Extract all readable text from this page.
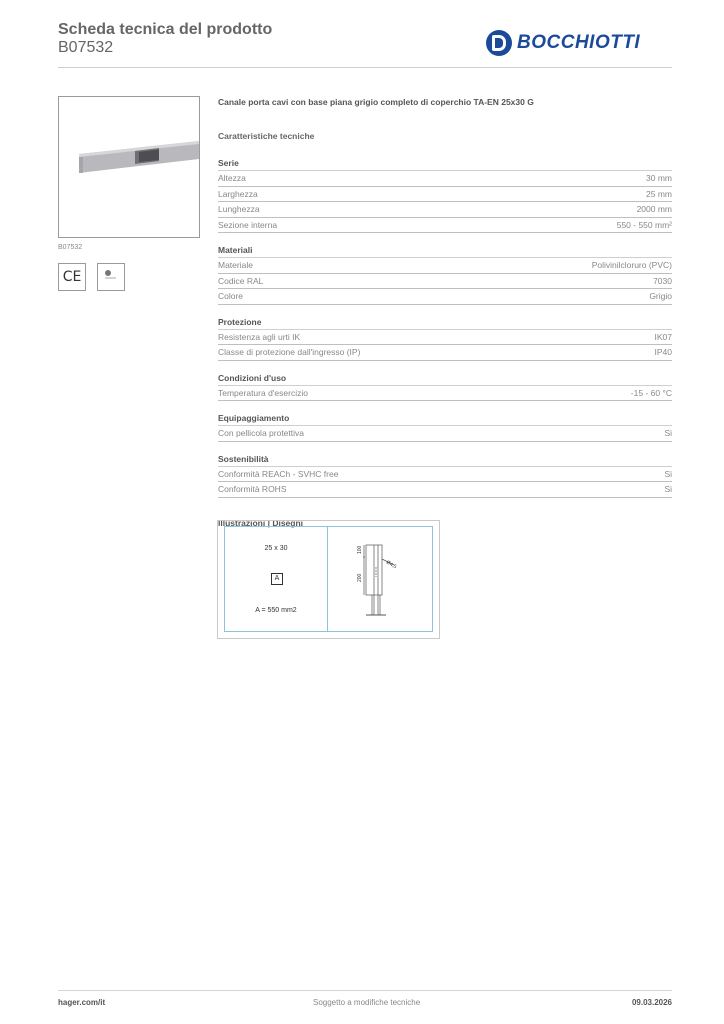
Scheda tecnica del prodotto
B07532	BOCCHIOTTI
B07532
CE
Canale porta cavi con base piana grigio completo di coperchio TA-EN 25x30 G
Caratteristiche tecniche
Serie
Altezza	30 mm
Larghezza	25 mm
Lunghezza	2000 mm
Sezione interna	550 - 550 mm²
Materiali
Materiale	Polivinilcloruro (PVC)
Codice RAL	7030
Colore	Grigio
Protezione
Resistenza agli urti IK	IK07
Classe di protezione dall'ingresso (IP)	IP40
Condizioni d'uso
Temperatura d'esercizio	-15 - 60 °C
Equipaggiamento
Con pellicola protettiva	Si
Sostenibilità
Conformità REACh - SVHC free	Si
Conformità ROHS	Si
Illustrazioni | Disegni
25 x 30
A
A = 550 mm2
100
200
Ø4,5
hager.com/it	Soggetto a modifiche tecniche	09.03.2026
